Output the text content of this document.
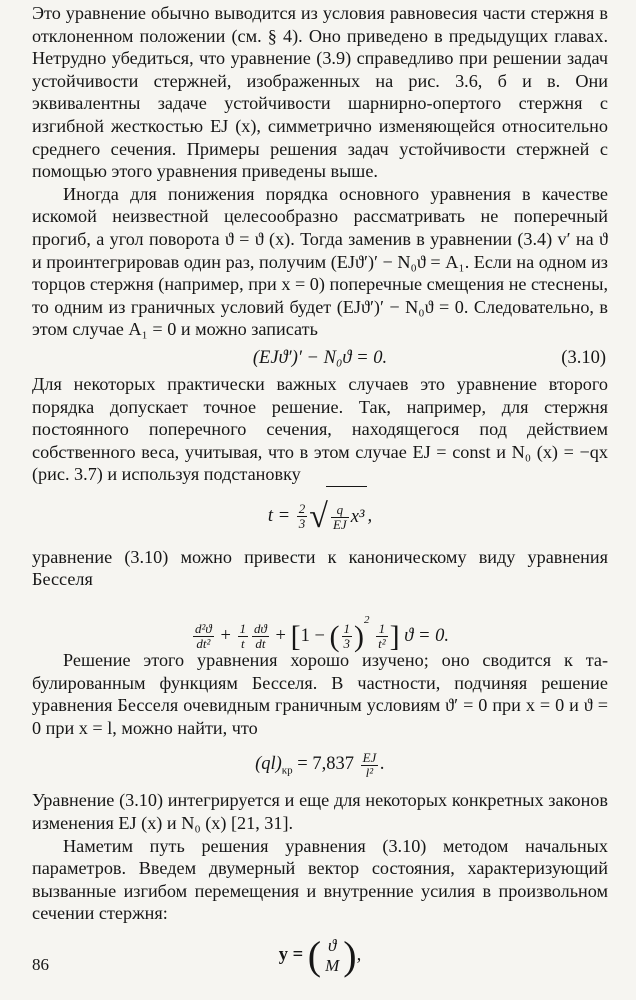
Это уравнение обычно выводится из условия равновесия части стержня в отклоненном положении (см. § 4). Оно приведено в предыдущих главах. Нетрудно убедиться, что уравнение (3.9) справедливо при решении задач устойчивости стержней, изображенных на рис. 3.6, б и в. Они эквивалентны задаче устойчивости шарнирно-опертого стержня с изгибной жесткостью EJ (x), симметрично изменяющейся относительно среднего сечения. Примеры решения задач устойчивости стержней с помощью этого уравнения приведены выше.

Иногда для понижения порядка основного уравнения в качестве искомой неизвестной целесообразно рассматривать не поперечный прогиб, а угол поворота ϑ = ϑ (x). Тогда заменив в уравнении (3.4) v′ на ϑ и проинтегрировав один раз, получим (EJϑ′)′ − N₀ϑ = A₁. Если на одном из торцов стержня (например, при x = 0) поперечные смещения не стеснены, то одним из граничных условий будет (EJϑ′)′ − N₀ϑ = 0. Следовательно, в этом случае A₁ = 0 и можно записать

(EJϑ′)′ − N₀ϑ = 0.	(3.10)

Для некоторых практически важных случаев это уравнение второго порядка допускает точное решение. Так, например, для стержня постоянного поперечного сечения, находящегося под действием собственного веса, учитывая, что в этом случае EJ = const и N₀ (x) = −qx (рис. 3.7) и используя подстановку

$t = \frac{2}{3}$ √ $\frac{q}{EJ} x^3$ ,

уравнение (3.10) можно привести к каноническому виду уравнения Бесселя

$\frac{\text{d²ϑ}}{\text{dt²}} + \frac{1}{t} \frac{dϑ}{dt} + [1$ − ( $\frac{1}{3} )^2$
$\frac{1}{\text{t²}}$ ] ϑ = 0.

Решение этого уравнения хорошо изучено; оно сводится к табулированным функциям Бесселя. В частности, подчиняя решение уравнения Бесселя очевидным граничным условиям ϑ′ = 0 при x = 0 и ϑ = 0 при x = l, можно найти, что

$(ql)_{кр} = 7,837 \frac{EJ}{\text{l²}}$ .

Уравнение (3.10) интегрируется и еще для некоторых конкретных законов изменения EJ (x) и N₀ (x) [21, 31].

Наметим путь решения уравнения (3.10) методом начальных параметров. Введем двумерный вектор состояния, характеризующий вызванные изгибом перемещения и внутренние усилия в произвольном сечении стержня:

y = ( ϑ
M ),
86
